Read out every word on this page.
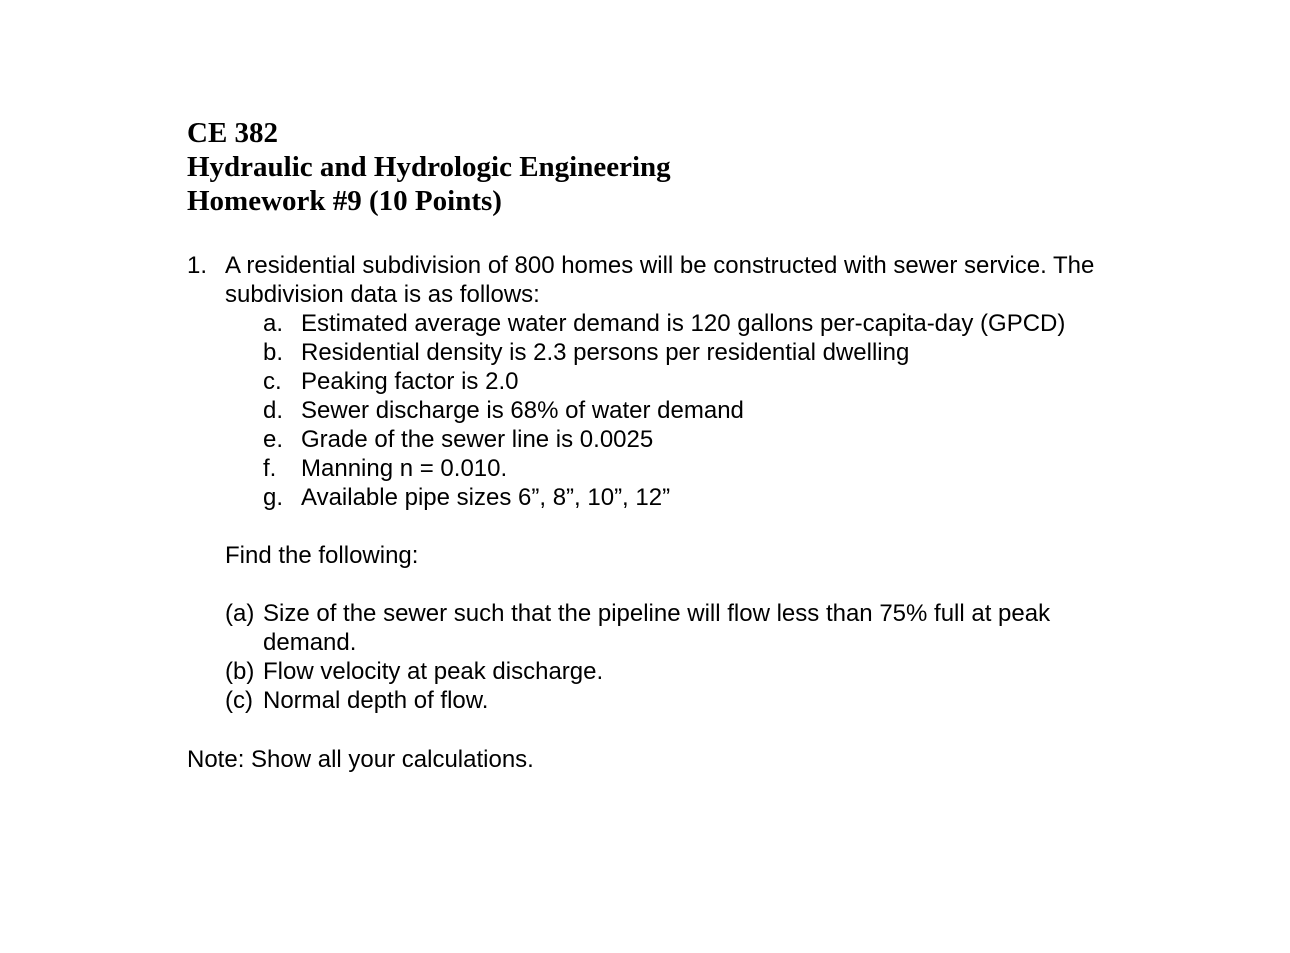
CE 382
Hydraulic and Hydrologic Engineering
Homework #9 (10 Points)
1. A residential subdivision of 800 homes will be constructed with sewer service. The
subdivision data is as follows:
a. Estimated average water demand is 120 gallons per-capita-day (GPCD)
b. Residential density is 2.3 persons per residential dwelling
c. Peaking factor is 2.0
d. Sewer discharge is 68% of water demand
e. Grade of the sewer line is 0.0025
f. Manning n = 0.010.
g. Available pipe sizes 6”, 8”, 10”, 12”
Find the following:
(a) Size of the sewer such that the pipeline will flow less than 75% full at peak
demand.
(b) Flow velocity at peak discharge.
(c) Normal depth of flow.
Note: Show all your calculations.
